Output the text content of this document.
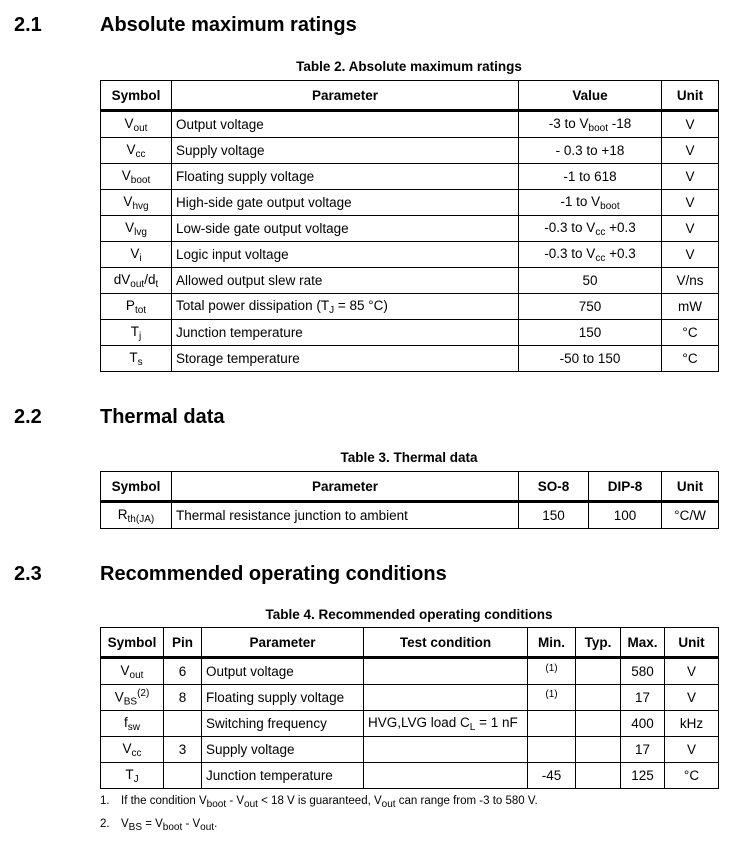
2.1	Absolute maximum ratings
Table 2. Absolute maximum ratings
Symbol	Parameter	Value	Unit
$V_{out}$	Output voltage	-3 to $V_{boot}$ -18	V
$V_{cc}$	Supply voltage	- 0.3 to +18	V
$V_{boot}$	Floating supply voltage	-1 to 618	V
$V_{hvg}$	High-side gate output voltage	-1 to $V_{boot}$	V
$V_{lvg}$	Low-side gate output voltage	-0.3 to $V_{cc} +0.3$	V
$V_i$	Logic input voltage	-0.3 to $V_{cc} +0.3$	V
$dV_{out}/d_t$	Allowed output slew rate	50	V/ns
$P_{tot}$	Total power dissipation ($T_J = 85$ °C)	750	mW
$T_j$	Junction temperature	150	°C
$T_s$	Storage temperature	-50 to 150	°C
2.2	Thermal data
Table 3. Thermal data
Symbol	Parameter	SO-8	DIP-8	Unit
$R_{th(JA)}$	Thermal resistance junction to ambient	150	100	°C/W
2.3	Recommended operating conditions
Table 4. Recommended operating conditions
Symbol	Pin	Parameter	Test condition	Min.	Typ.	Max.	Unit
$V_{out}$	6	Output voltage		$^{(1)}$		580	V
$V_{BS}^{(2)}$	8	Floating supply voltage		$^{(1)}$		17	V
$f_{sw}$		Switching frequency	HVG,LVG load $C_L = 1$ nF			400	kHz
$V_{cc}$	3	Supply voltage				17	V
$T_J$		Junction temperature		-45		125	°C
1. If the condition $V_{boot} - V_{out} < 18$ V is guaranteed, $V_{out}$ can range from -3 to 580 V.
2. $V_{BS} = V_{boot} - V_{out}$.
